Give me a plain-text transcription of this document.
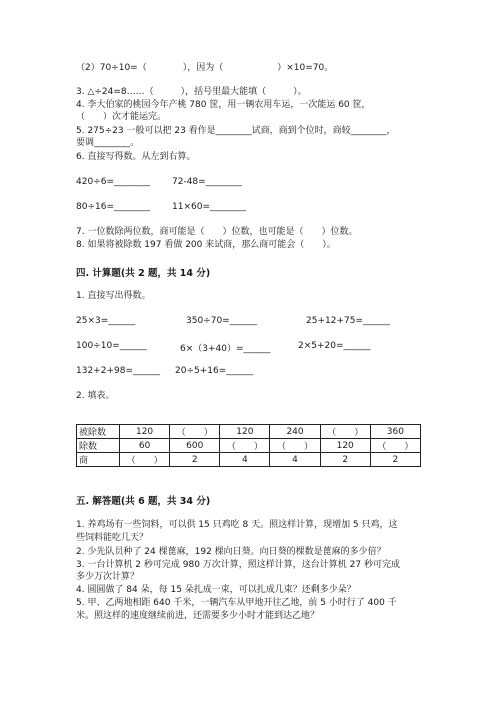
（2）70÷10=（　　　　），因为（　　　　　　）×10=70。
3. △÷24=8……（　　　），括号里最大能填（　　　）。
4. 李大伯家的桃园今年产桃 780 筐，用一辆农用车运，一次能运 60 筐，
（　　）次才能运完。
5. 275÷23 一般可以把 23 看作是________试商，商到个位时，商较________，
要调________。
6. 直接写得数。从左到右算。
420÷6=________ 72-48=________
80÷16=________ 11×60=________
7. 一位数除两位数，商可能是（　　）位数，也可能是（　　）位数。
8. 如果将被除数 197 看做 200 来试商，那么商可能会（　　）。
四. 计算题(共 2 题，共 14 分)
1. 直接写出得数。
25×3=______	350÷70=______	25+12+75=______
100÷10=______	6×（3+40）=______	2×5+20=______
132+2+98=______ 20÷5+16=______
2. 填表。
被除数	120	（　　）	120	240	（　　）	360
除数	60	600	（　　）	（　　）	120	（　　）
商	（　　）	2	4	4	2	2
五. 解答题(共 6 题，共 34 分)
1. 养鸡场有一些饲料，可以供 15 只鸡吃 8 天。照这样计算，现增加 5 只鸡，这
些饲料能吃几天？
2. 少先队员种了 24 棵蓖麻，192 棵向日葵。向日葵的棵数是蓖麻的多少倍？
3. 一台计算机 2 秒可完成 980 万次计算，照这样计算，这台计算机 27 秒可完成
多少万次计算？
4. 圆圆做了 84 朵，每 15 朵扎成一束，可以扎成几束？还剩多少朵？
5. 甲、乙两地相距 640 千米，一辆汽车从甲地开往乙地，前 5 小时行了 400 千
米。照这样的速度继续前进，还需要多少小时才能到达乙地？
